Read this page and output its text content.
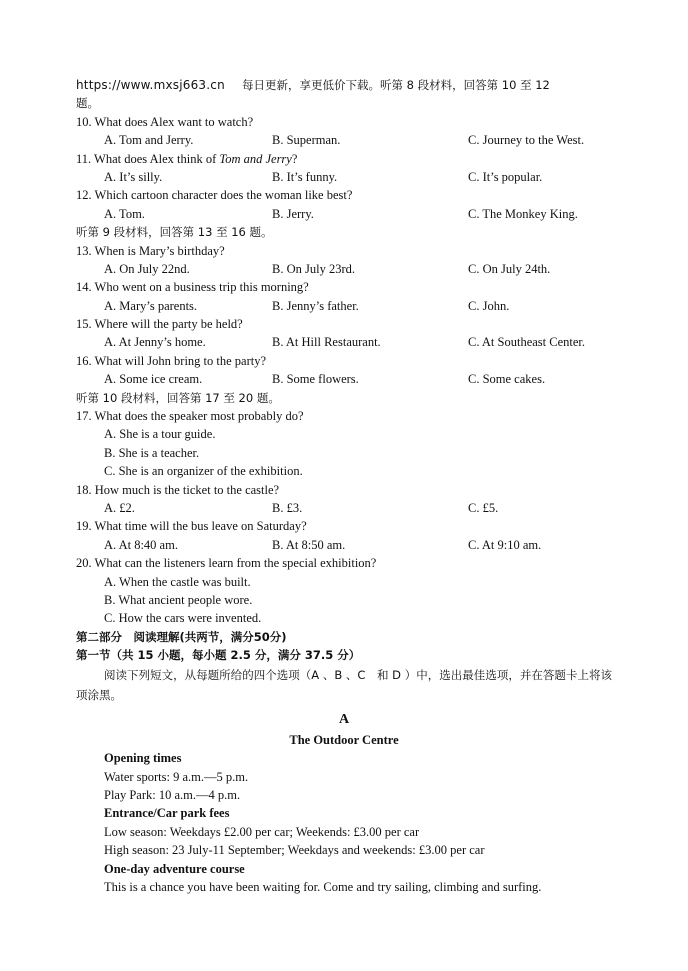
https://www.mxsj663.cn 每日更新，享更低价下载。听第 8 段材料，回答第 10 至 12
题。
10. What does Alex want to watch?
A. Tom and Jerry.	B. Superman.	C. Journey to the West.
11. What does Alex think of Tom and Jerry?
A. It’s silly.	B. It’s funny.	C. It’s popular.
12. Which cartoon character does the woman like best?
A. Tom.	B. Jerry.	C. The Monkey King.
听第 9 段材料，回答第 13 至 16 题。
13. When is Mary’s birthday?
A. On July 22nd.	B. On July 23rd.	C. On July 24th.
14. Who went on a business trip this morning?
A. Mary’s parents.	B. Jenny’s father.	C. John.
15. Where will the party be held?
A. At Jenny’s home.	B. At Hill Restaurant.	C. At Southeast Center.
16. What will John bring to the party?
A. Some ice cream.	B. Some flowers.	C. Some cakes.
听第 10 段材料，回答第 17 至 20 题。
17. What does the speaker most probably do?
A. She is a tour guide.
B. She is a teacher.
C. She is an organizer of the exhibition.
18. How much is the ticket to the castle?
A. £2.	B. £3.	C. £5.
19. What time will the bus leave on Saturday?
A. At 8:40 am.	B. At 8:50 am.	C. At 9:10 am.
20. What can the listeners learn from the special exhibition?
A. When the castle was built.
B. What ancient people wore.
C. How the cars were invented.
第二部分　阅读理解(共两节，满分50分)
第一节（共 15 小题，每小题 2.5 分，满分 37.5 分）
阅读下列短文，从每题所给的四个选项（A 、B 、C　和 D ）中，选出最佳选项，并在答题卡上将该项涂黑。
A
The Outdoor Centre
Opening times
Water sports: 9 a.m.—5 p.m.
Play Park: 10 a.m.—4 p.m.
Entrance/Car park fees
Low season: Weekdays £2.00 per car; Weekends: £3.00 per car
High season: 23 July-11 September; Weekdays and weekends: £3.00 per car
One-day adventure course
This is a chance you have been waiting for. Come and try sailing, climbing and surfing.
